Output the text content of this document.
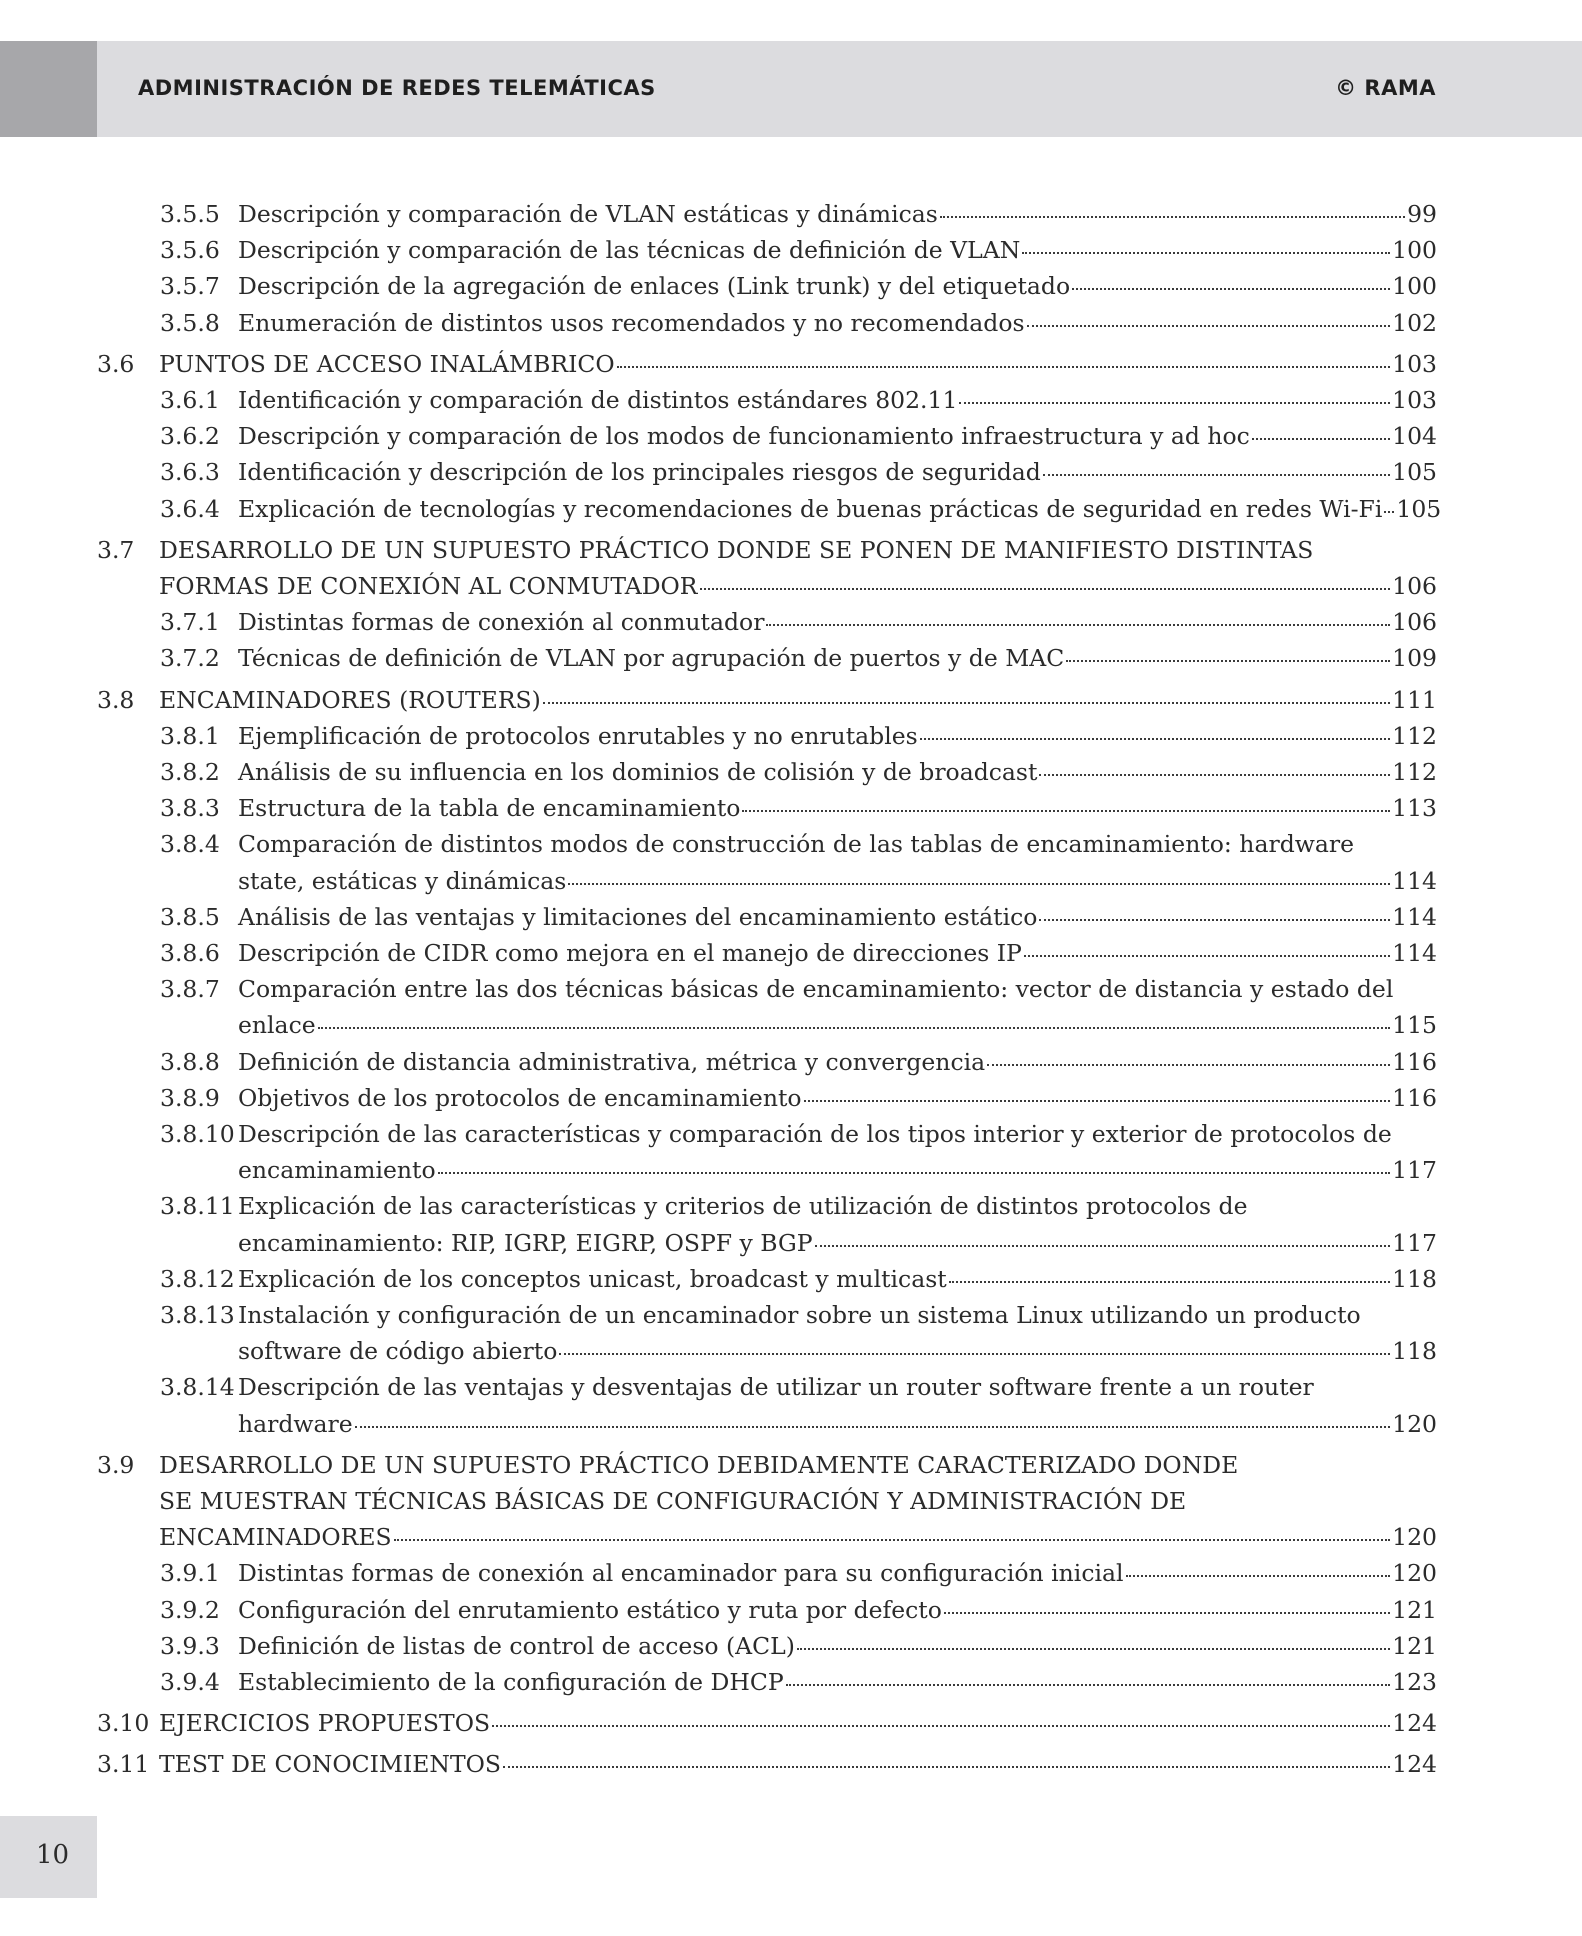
ADMINISTRACIÓN DE REDES TELEMÁTICAS	© RAMA
3.5.5 Descripción y comparación de VLAN estáticas y dinámicas	99
3.5.6 Descripción y comparación de las técnicas de definición de VLAN	100
3.5.7 Descripción de la agregación de enlaces (Link trunk) y del etiquetado	100
3.5.8 Enumeración de distintos usos recomendados y no recomendados	102
3.6	PUNTOS DE ACCESO INALÁMBRICO	103
3.6.1 Identificación y comparación de distintos estándares 802.11	103
3.6.2 Descripción y comparación de los modos de funcionamiento infraestructura y ad hoc	104
3.6.3 Identificación y descripción de los principales riesgos de seguridad	105
3.6.4 Explicación de tecnologías y recomendaciones de buenas prácticas de seguridad en redes Wi-Fi 105
3.7	DESARROLLO DE UN SUPUESTO PRÁCTICO DONDE SE PONEN DE MANIFIESTO DISTINTAS
FORMAS DE CONEXIÓN AL CONMUTADOR	106
3.7.1 Distintas formas de conexión al conmutador	106
3.7.2 Técnicas de definición de VLAN por agrupación de puertos y de MAC	109
3.8	ENCAMINADORES (ROUTERS)	111
3.8.1 Ejemplificación de protocolos enrutables y no enrutables	112
3.8.2 Análisis de su influencia en los dominios de colisión y de broadcast	112
3.8.3 Estructura de la tabla de encaminamiento	113
3.8.4 Comparación de distintos modos de construcción de las tablas de encaminamiento: hardware
state, estáticas y dinámicas	114
3.8.5 Análisis de las ventajas y limitaciones del encaminamiento estático	114
3.8.6 Descripción de CIDR como mejora en el manejo de direcciones IP	114
3.8.7 Comparación entre las dos técnicas básicas de encaminamiento: vector de distancia y estado del
enlace	115
3.8.8 Definición de distancia administrativa, métrica y convergencia	116
3.8.9 Objetivos de los protocolos de encaminamiento	116
3.8.10 Descripción de las características y comparación de los tipos interior y exterior de protocolos de
encaminamiento	117
3.8.11 Explicación de las características y criterios de utilización de distintos protocolos de
encaminamiento: RIP, IGRP, EIGRP, OSPF y BGP	117
3.8.12 Explicación de los conceptos unicast, broadcast y multicast	118
3.8.13 Instalación y configuración de un encaminador sobre un sistema Linux utilizando un producto
software de código abierto	118
3.8.14 Descripción de las ventajas y desventajas de utilizar un router software frente a un router
hardware	120
3.9	DESARROLLO DE UN SUPUESTO PRÁCTICO DEBIDAMENTE CARACTERIZADO DONDE
SE MUESTRAN TÉCNICAS BÁSICAS DE CONFIGURACIÓN Y ADMINISTRACIÓN DE
ENCAMINADORES	120
3.9.1 Distintas formas de conexión al encaminador para su configuración inicial	120
3.9.2 Configuración del enrutamiento estático y ruta por defecto	121
3.9.3 Definición de listas de control de acceso (ACL)	121
3.9.4 Establecimiento de la configuración de DHCP	123
3.10 EJERCICIOS PROPUESTOS	124
3.11 TEST DE CONOCIMIENTOS	124
10
